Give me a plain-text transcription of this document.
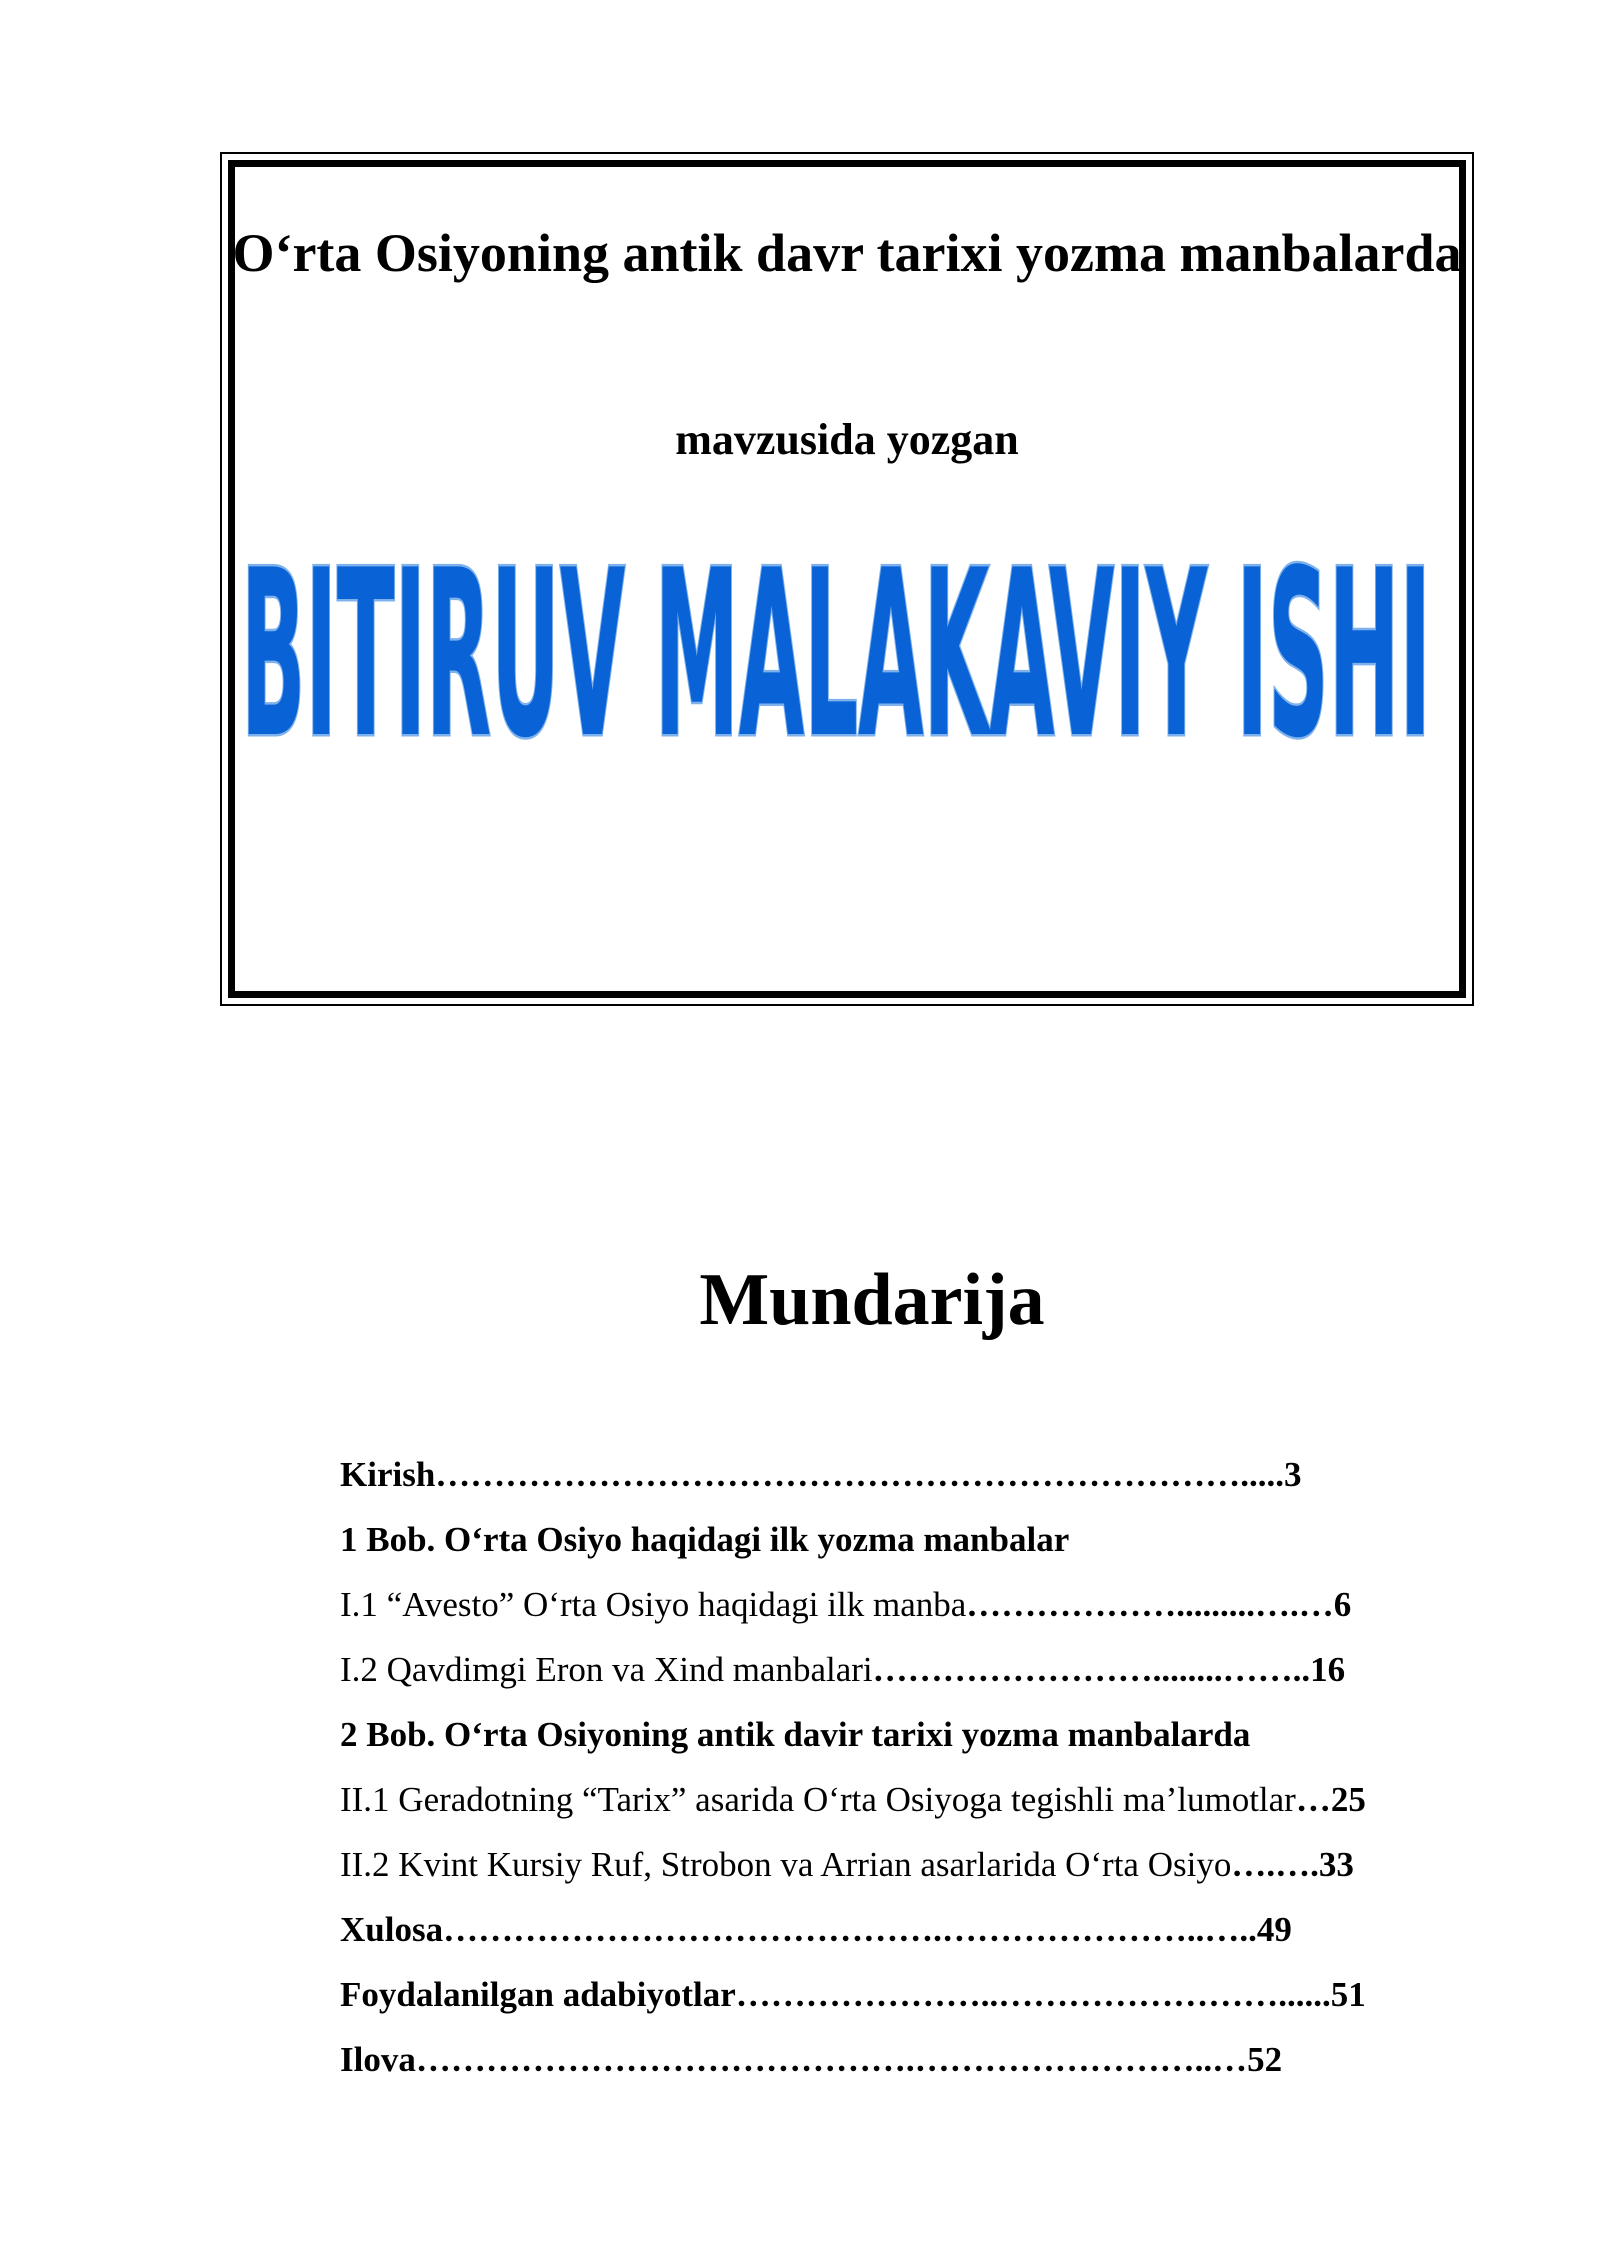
O‘rta Osiyoning antik davr tarixi yozma manbalarda

mavzusida yozgan

BITIRUV MALAKAVIY ISHI
Mundarija
Kirish…………………………………………………………….....3
1 Bob. O‘rta Osiyo haqidagi ilk yozma manbalar
I.1 “Avesto” O‘rta Osiyo haqidagi ilk manba……………….........….…6
I.2 Qavdimgi Eron va Xind manbalari……………………........……..16
2 Bob. O‘rta Osiyoning antik davir tarixi yozma manbalarda
II.1 Geradotning “Tarix” asarida O‘rta Osiyoga tegishli ma’lumotlar…25
II.2 Kvint Kursiy Ruf, Strobon va Arrian asarlarida O‘rta Osiyo….….33
Xulosa…………………………………….…………………..…..49
Foydalanilgan adabiyotlar…………………..……………………......51
Ilova…………………………………….……………………..…52
